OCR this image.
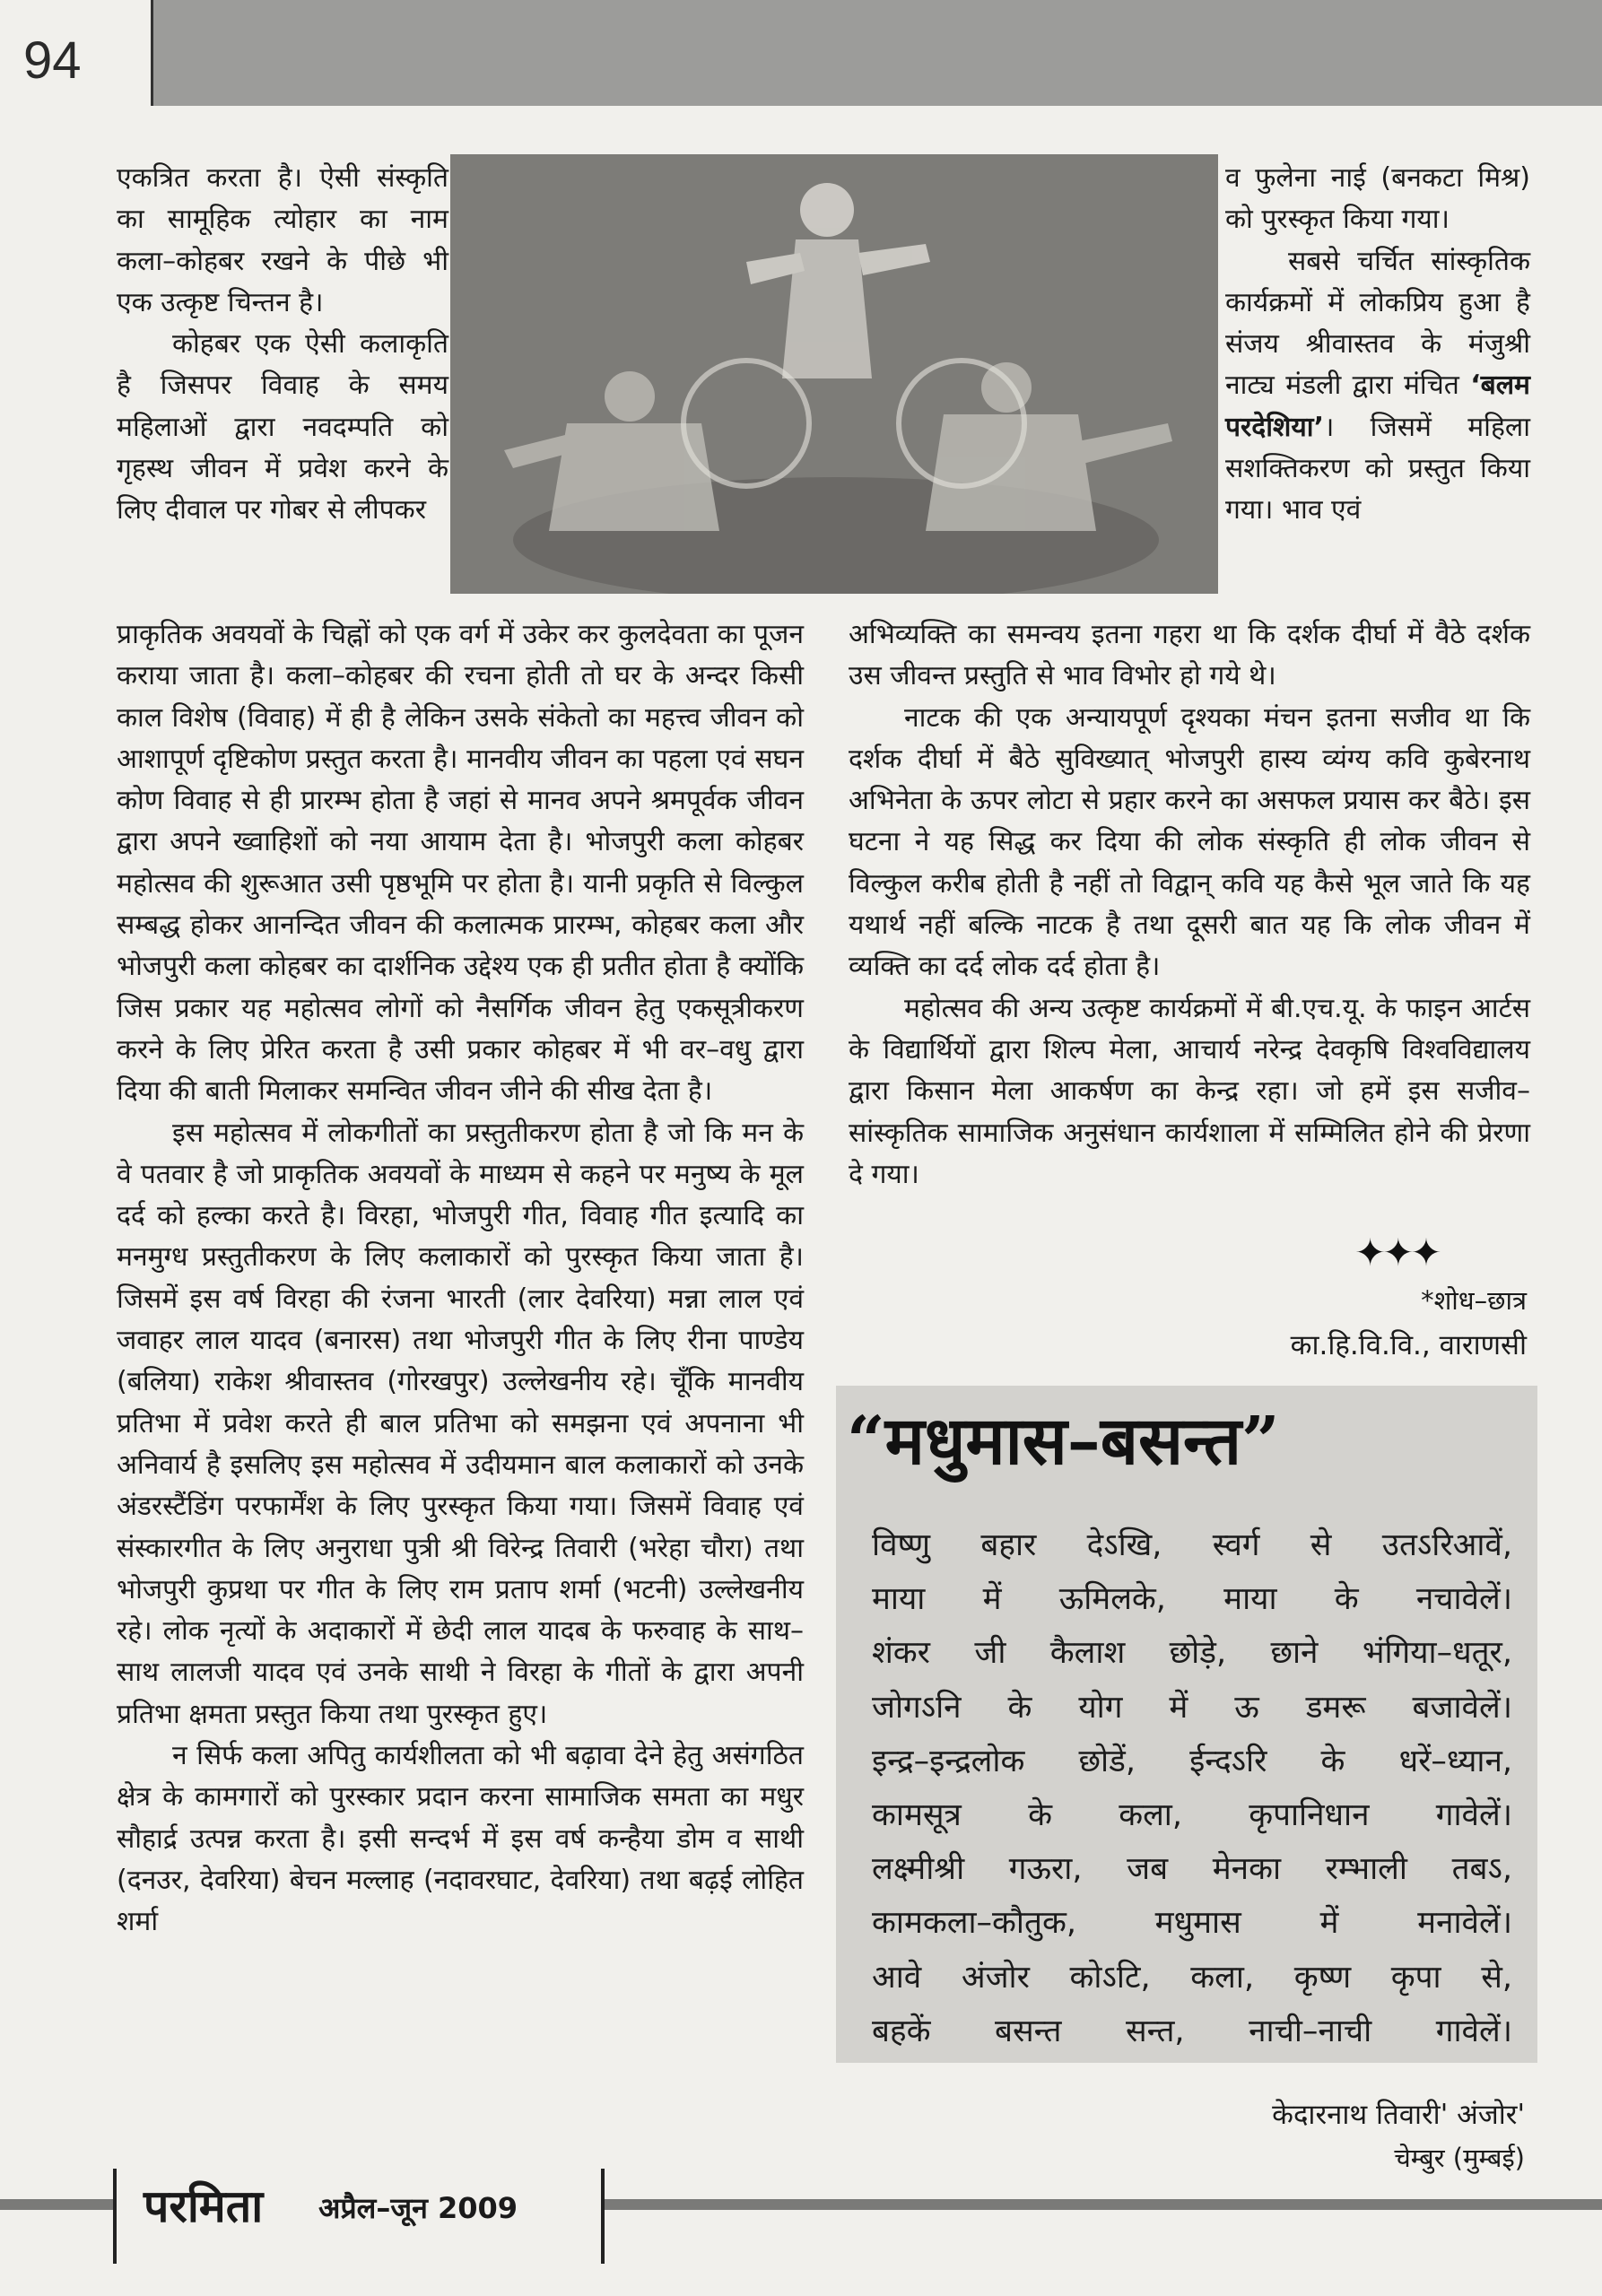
94

एकत्रित करता है। ऐसी संस्कृति का सामूहिक त्योहार का नाम कला–कोहबर रखने के पीछे भी एक उत्कृष्ट चिन्तन है।

कोहबर एक ऐसी कलाकृति है जिसपर विवाह के समय महिलाओं द्वारा नवदम्पति को गृहस्थ जीवन में प्रवेश करने के लिए दीवाल पर गोबर से लीपकर

व फुलेना नाई (बनकटा मिश्र) को पुरस्कृत किया गया।

सबसे चर्चित सांस्कृतिक कार्यक्रमों में लोकप्रिय हुआ है संजय श्रीवास्तव के मंजुश्री नाट्य मंडली द्वारा मंचित ‘बलम परदेशिया’। जिसमें महिला सशक्तिकरण को प्रस्तुत किया गया। भाव एवं

प्राकृतिक अवयवों के चिह्नों को एक वर्ग में उकेर कर कुलदेवता का पूजन कराया जाता है। कला–कोहबर की रचना होती तो घर के अन्दर किसी काल विशेष (विवाह) में ही है लेकिन उसके संकेतो का महत्त्व जीवन को आशापूर्ण दृष्टिकोण प्रस्तुत करता है। मानवीय जीवन का पहला एवं सघन कोण विवाह से ही प्रारम्भ होता है जहां से मानव अपने श्रमपूर्वक जीवन द्वारा अपने ख्वाहिशों को नया आयाम देता है। भोजपुरी कला कोहबर महोत्सव की शुरूआत उसी पृष्ठभूमि पर होता है। यानी प्रकृति से विल्कुल सम्बद्ध होकर आनन्दित जीवन की कलात्मक प्रारम्भ, कोहबर कला और भोजपुरी कला कोहबर का दार्शनिक उद्देश्य एक ही प्रतीत होता है क्योंकि जिस प्रकार यह महोत्सव लोगों को नैसर्गिक जीवन हेतु एकसूत्रीकरण करने के लिए प्रेरित करता है उसी प्रकार कोहबर में भी वर–वधु द्वारा दिया की बाती मिलाकर समन्वित जीवन जीने की सीख देता है।

इस महोत्सव में लोकगीतों का प्रस्तुतीकरण होता है जो कि मन के वे पतवार है जो प्राकृतिक अवयवों के माध्यम से कहने पर मनुष्य के मूल दर्द को हल्का करते है। विरहा, भोजपुरी गीत, विवाह गीत इत्यादि का मनमुग्ध प्रस्तुतीकरण के लिए कलाकारों को पुरस्कृत किया जाता है। जिसमें इस वर्ष विरहा की रंजना भारती (लार देवरिया) मन्ना लाल एवं जवाहर लाल यादव (बनारस) तथा भोजपुरी गीत के लिए रीना पाण्डेय (बलिया) राकेश श्रीवास्तव (गोरखपुर) उल्लेखनीय रहे। चूँकि मानवीय प्रतिभा में प्रवेश करते ही बाल प्रतिभा को समझना एवं अपनाना भी अनिवार्य है इसलिए इस महोत्सव में उदीयमान बाल कलाकारों को उनके अंडरस्टैंडिंग परफार्मेंश के लिए पुरस्कृत किया गया। जिसमें विवाह एवं संस्कारगीत के लिए अनुराधा पुत्री श्री विरेन्द्र तिवारी (भरेहा चौरा) तथा भोजपुरी कुप्रथा पर गीत के लिए राम प्रताप शर्मा (भटनी) उल्लेखनीय रहे। लोक नृत्यों के अदाकारों में छेदी लाल यादब के फरुवाह के साथ–साथ लालजी यादव एवं उनके साथी ने विरहा के गीतों के द्वारा अपनी प्रतिभा क्षमता प्रस्तुत किया तथा पुरस्कृत हुए।

न सिर्फ कला अपितु कार्यशीलता को भी बढ़ावा देने हेतु असंगठित क्षेत्र के कामगारों को पुरस्कार प्रदान करना सामाजिक समता का मधुर सौहार्द्र उत्पन्न करता है। इसी सन्दर्भ में इस वर्ष कन्हैया डोम व साथी (दनउर, देवरिया) बेचन मल्लाह (नदावरघाट, देवरिया) तथा बढ़ई लोहित शर्मा

अभिव्यक्ति का समन्वय इतना गहरा था कि दर्शक दीर्घा में वैठे दर्शक उस जीवन्त प्रस्तुति से भाव विभोर हो गये थे।

नाटक की एक अन्यायपूर्ण दृश्यका मंचन इतना सजीव था कि दर्शक दीर्घा में बैठे सुविख्यात् भोजपुरी हास्य व्यंग्य कवि कुबेरनाथ अभिनेता के ऊपर लोटा से प्रहार करने का असफल प्रयास कर बैठे। इस घटना ने यह सिद्ध कर दिया की लोक संस्कृति ही लोक जीवन से विल्कुल करीब होती है नहीं तो विद्वान् कवि यह कैसे भूल जाते कि यह यथार्थ नहीं बल्कि नाटक है तथा दूसरी बात यह कि लोक जीवन में व्यक्ति का दर्द लोक दर्द होता है।

महोत्सव की अन्य उत्कृष्ट कार्यक्रमों में बी.एच.यू. के फाइन आर्टस के विद्यार्थियों द्वारा शिल्प मेला, आचार्य नरेन्द्र देवकृषि विश्वविद्यालय द्वारा किसान मेला आकर्षण का केन्द्र रहा। जो हमें इस सजीव–सांस्कृतिक सामाजिक अनुसंधान कार्यशाला में सम्मिलित होने की प्रेरणा दे गया।

✦✦✦
*शोध–छात्र
का.हि.वि.वि., वाराणसी
“मधुमास–बसन्त”
विष्णु बहार देऽखि, स्वर्ग से उतऽरिआवें,
माया में ऊमिलके, माया के नचावेलें।
शंकर जी कैलाश छोड़े, छाने भंगिया–धतूर,
जोगऽनि के योग में ऊ डमरू बजावेलें।
इन्द्र–इन्द्रलोक छोडें, ईन्दऽरि के धरें–ध्यान,
कामसूत्र के कला, कृपानिधान गावेलें।
लक्ष्मीश्री गऊरा, जब मेनका रम्भाली तबऽ,
कामकला–कौतुक, मधुमास में मनावेलें।
आवे अंजोर कोऽटि, कला, कृष्ण कृपा से,
बहकें बसन्त सन्त, नाची–नाची गावेलें।
केदारनाथ तिवारी' अंजोर'
चेम्बुर (मुम्बई)
परमिता अप्रैल–जून 2009
